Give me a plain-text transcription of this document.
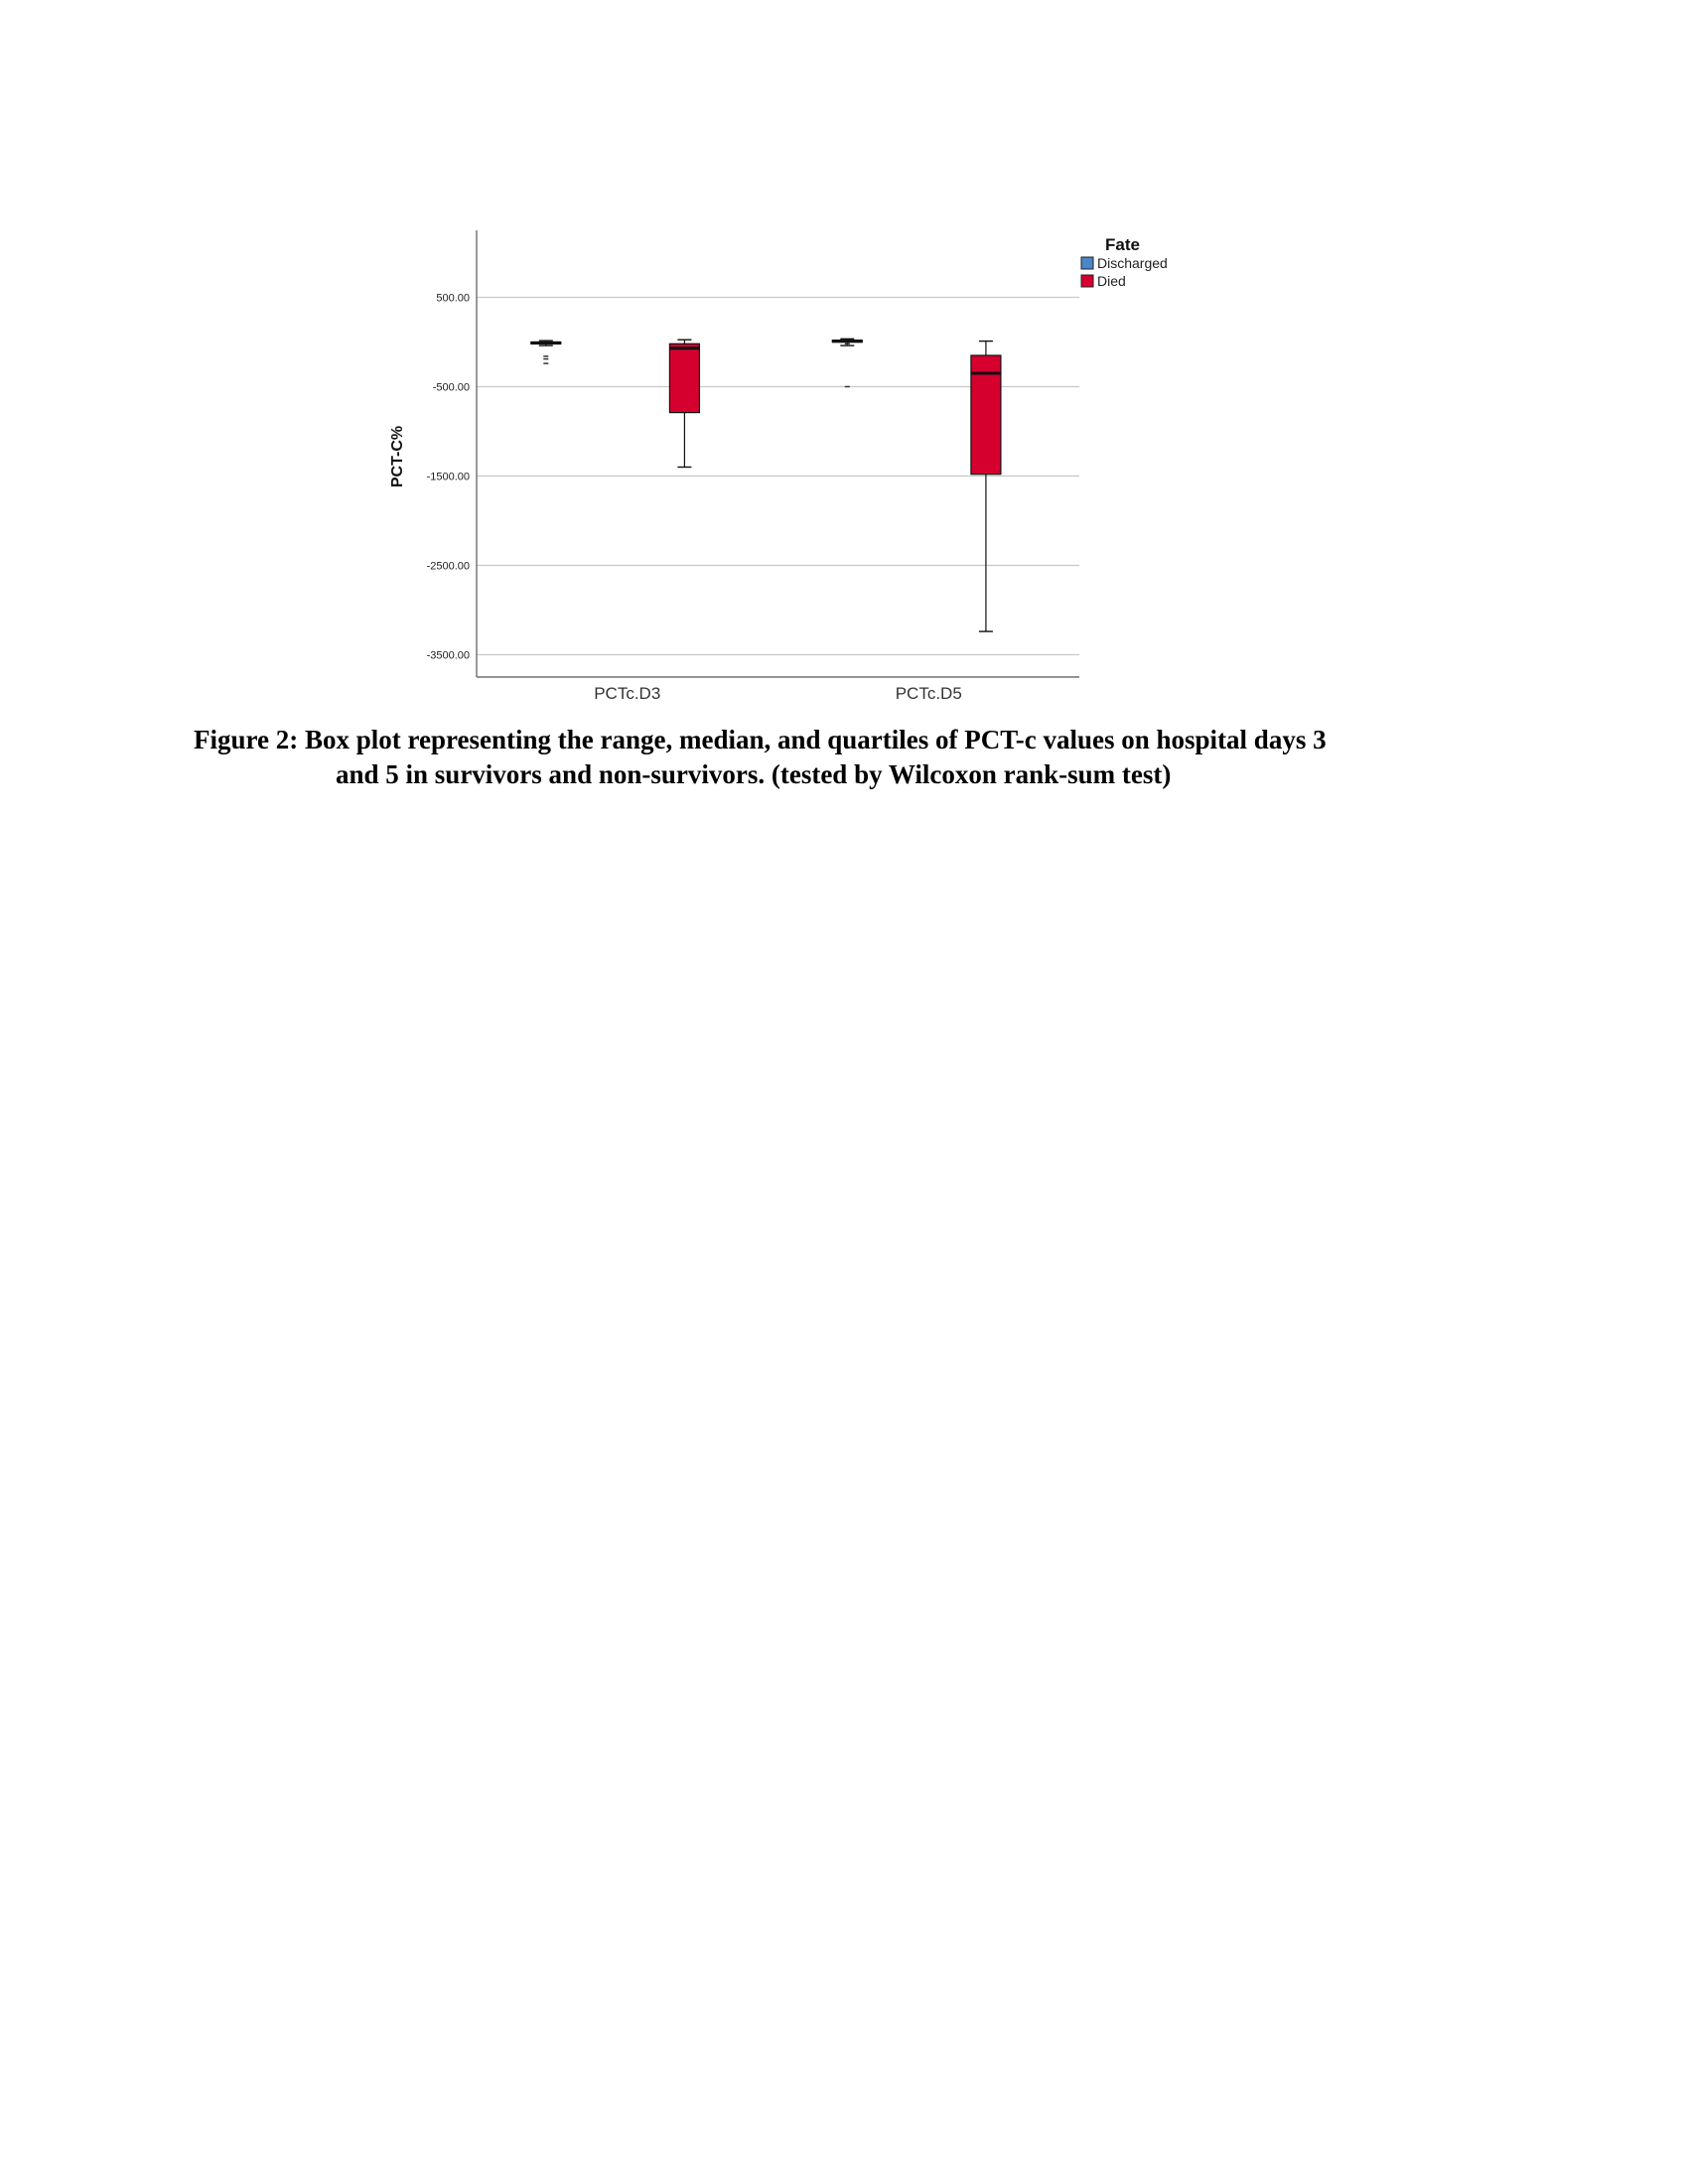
500.00
-500.00
-1500.00
-2500.00
-3500.00
PCTc.D3	PCTc.D5
PCT-C%
Fate
Discharged
Died

Figure 2: Box plot representing the range, median, and quartiles of PCT-c values on hospital days 3
and 5 in survivors and non-survivors. (tested by Wilcoxon rank-sum test)
